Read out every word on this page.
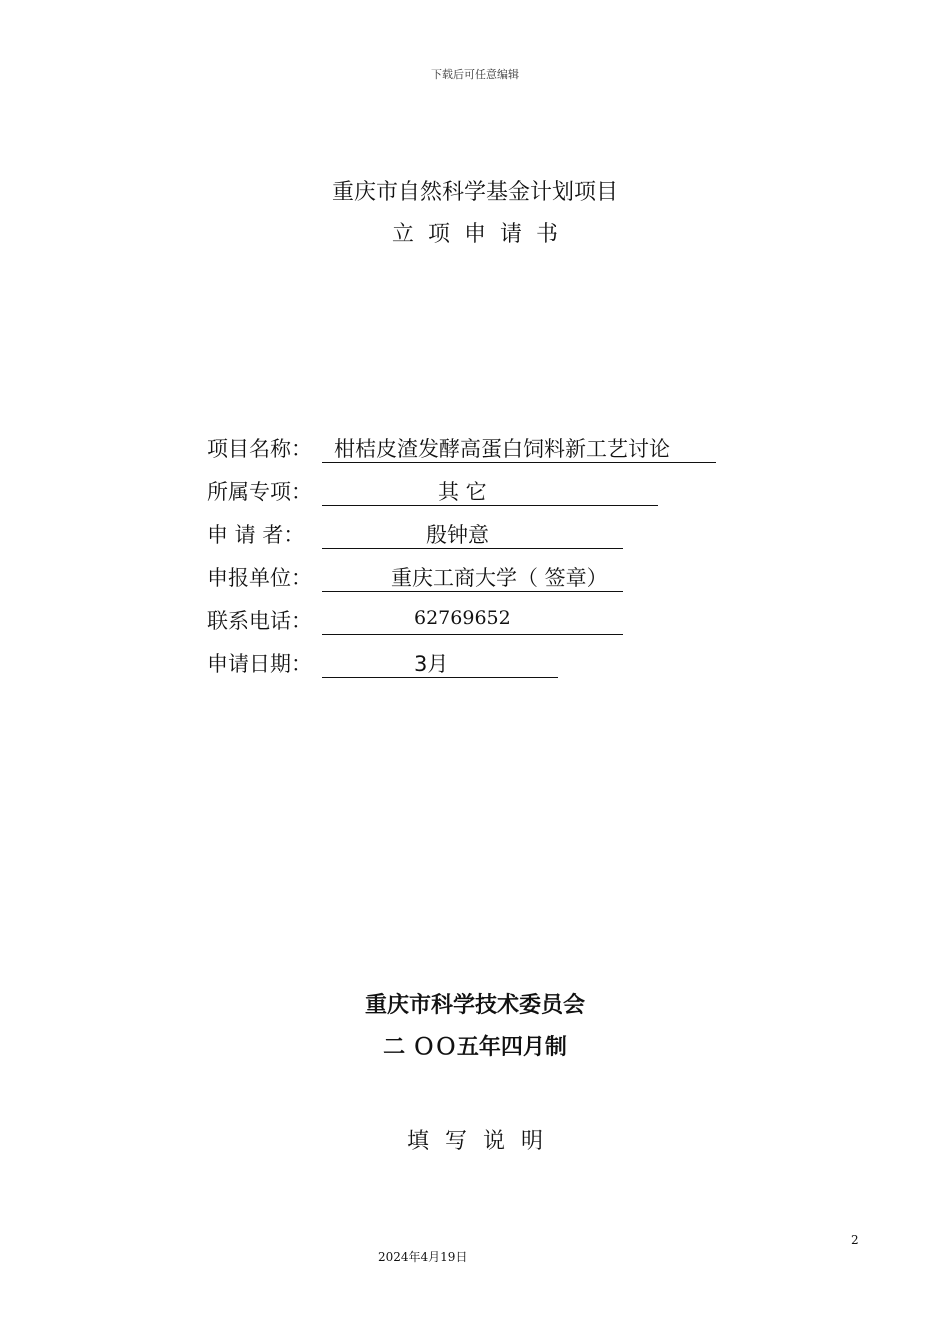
下载后可任意编辑
重庆市自然科学基金计划项目
立项申请书
项目名称： 柑桔皮渣发酵高蛋白饲料新工艺讨论
所属专项：	其 它
申 请 者：	殷钟意
申报单位：	重庆工商大学（ 签章）
联系电话：	62769652
申请日期：	3月
重庆市科学技术委员会
二 ＯＯ五年四月制
填写说明
2
2024年4月19日
